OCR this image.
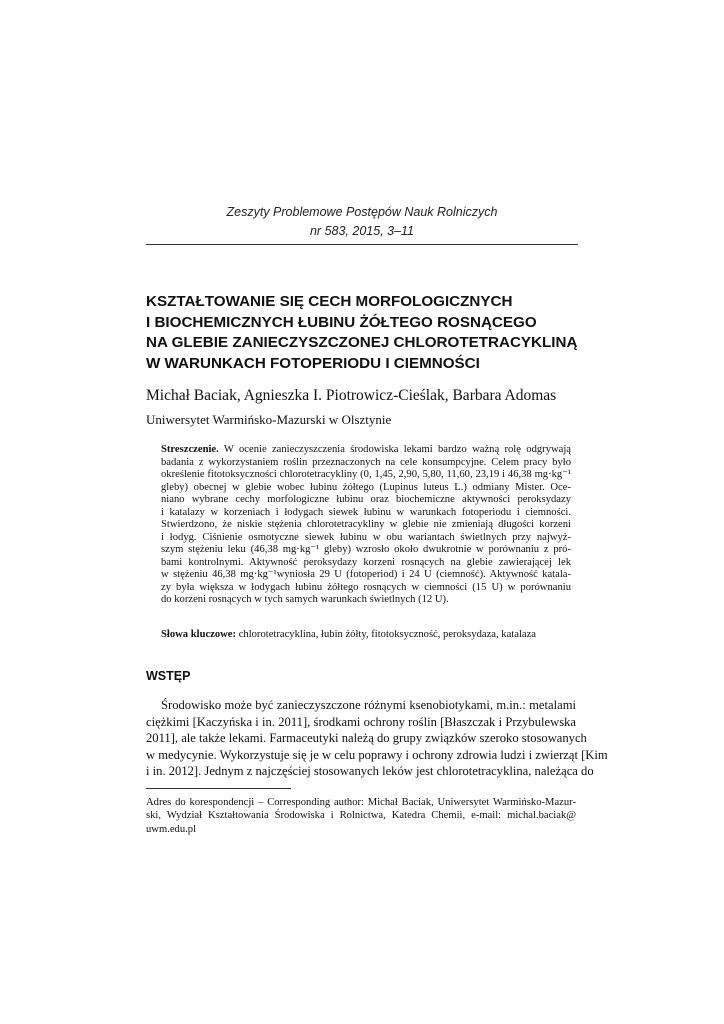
Zeszyty Problemowe Postępów Nauk Rolniczych
nr 583, 2015, 3–11
KSZTAŁTOWANIE SIĘ CECH MORFOLOGICZNYCH
I BIOCHEMICZNYCH ŁUBINU ŻÓŁTEGO ROSNĄCEGO
NA GLEBIE ZANIECZYSZCZONEJ CHLOROTETRACYKLINĄ
W WARUNKACH FOTOPERIODU I CIEMNOŚCI
Michał Baciak, Agnieszka I. Piotrowicz-Cieślak, Barbara Adomas
Uniwersytet Warmińsko-Mazurski w Olsztynie
Streszczenie. W ocenie zanieczyszczenia środowiska lekami bardzo ważną rolę odgrywają
badania z wykorzystaniem roślin przeznaczonych na cele konsumpcyjne. Celem pracy było
określenie fitotoksyczności chlorotetracykliny (0, 1,45, 2,90, 5,80, 11,60, 23,19 i 46,38 mg·kg⁻¹
gleby) obecnej w glebie wobec łubinu żółtego (Lupinus luteus L.) odmiany Mister. Oce-
niano wybrane cechy morfologiczne łubinu oraz biochemiczne aktywności peroksydazy
i katalazy w korzeniach i łodygach siewek łubinu w warunkach fotoperiodu i ciemności.
Stwierdzono, że niskie stężenia chlorotetracykliny w glebie nie zmieniają długości korzeni
i łodyg. Ciśnienie osmotyczne siewek łubinu w obu wariantach świetlnych przy najwyż-
szym stężeniu leku (46,38 mg·kg⁻¹ gleby) wzrosło około dwukrotnie w porównaniu z pró-
bami kontrolnymi. Aktywność peroksydazy korzeni rosnących na glebie zawierającej lek
w stężeniu 46,38 mg·kg⁻¹wyniosła 29 U (fotoperiod) i 24 U (ciemność). Aktywność katala-
zy była większa w łodygach łubinu żółtego rosnących w ciemności (15 U) w porównaniu
do korzeni rosnących w tych samych warunkach świetlnych (12 U).
Słowa kluczowe: chlorotetracyklina, łubin żółty, fitotoksyczność, peroksydaza, katalaza
WSTĘP
Środowisko może być zanieczyszczone różnymi ksenobiotykami, m.in.: metalami
ciężkimi [Kaczyńska i in. 2011], środkami ochrony roślin [Błaszczak i Przybulewska
2011], ale także lekami. Farmaceutyki należą do grupy związków szeroko stosowanych
w medycynie. Wykorzystuje się je w celu poprawy i ochrony zdrowia ludzi i zwierząt [Kim
i in. 2012]. Jednym z najczęściej stosowanych leków jest chlorotetracyklina, należąca do
Adres do korespondencji – Corresponding author: Michał Baciak, Uniwersytet Warmińsko-Mazur-
ski, Wydział Kształtowania Środowiska i Rolnictwa, Katedra Chemii, e-mail: michal.baciak@
uwm.edu.pl
